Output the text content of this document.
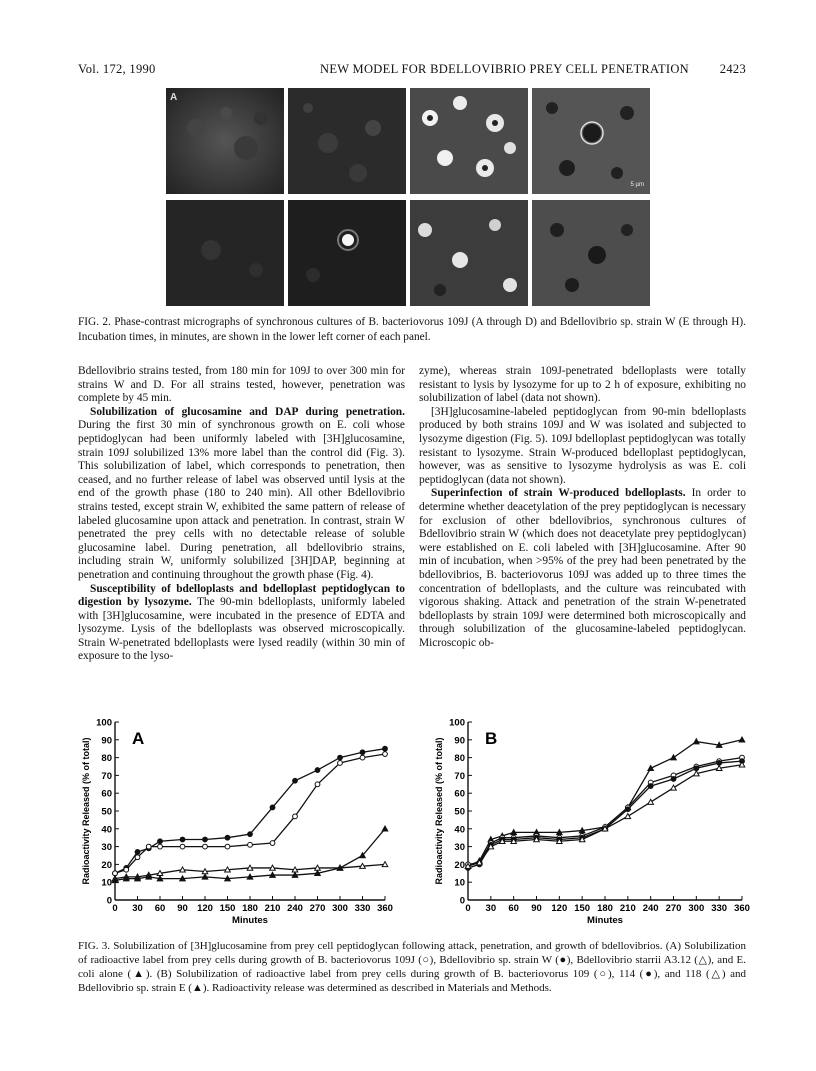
Vol. 172, 1990	NEW MODEL FOR BDELLOVIBRIO PREY CELL PENETRATION 2423
A
5 µm
FIG. 2. Phase-contrast micrographs of synchronous cultures of B. bacteriovorus 109J (A through D) and Bdellovibrio sp. strain W (E through H). Incubation times, in minutes, are shown in the lower left corner of each panel.

Bdellovibrio strains tested, from 180 min for 109J to over 300 min for strains W and D. For all strains tested, however, penetration was complete by 45 min.

Solubilization of glucosamine and DAP during penetration. During the first 30 min of synchronous growth on E. coli whose peptidoglycan had been uniformly labeled with [3H]glucosamine, strain 109J solubilized 13% more label than the control did (Fig. 3). This solubilization of label, which corresponds to penetration, then ceased, and no further release of label was observed until lysis at the end of the growth phase (180 to 240 min). All other Bdellovibrio strains tested, except strain W, exhibited the same pattern of release of labeled glucosamine upon attack and penetration. In contrast, strain W penetrated the prey cells with no detectable release of soluble glucosamine label. During penetration, all bdellovibrio strains, including strain W, uniformly solubilized [3H]DAP, beginning at penetration and continuing throughout the growth phase (Fig. 4).

Susceptibility of bdelloplasts and bdelloplast peptidoglycan to digestion by lysozyme. The 90-min bdelloplasts, uniformly labeled with [3H]glucosamine, were incubated in the presence of EDTA and lysozyme. Lysis of the bdelloplasts was observed microscopically. Strain W-penetrated bdelloplasts were lysed readily (within 30 min of exposure to the lyso-

zyme), whereas strain 109J-penetrated bdelloplasts were totally resistant to lysis by lysozyme for up to 2 h of exposure, exhibiting no solubilization of label (data not shown).

[3H]glucosamine-labeled peptidoglycan from 90-min bdelloplasts produced by both strains 109J and W was isolated and subjected to lysozyme digestion (Fig. 5). 109J bdelloplast peptidoglycan was totally resistant to lysozyme. Strain W-produced bdelloplast peptidoglycan, however, was as sensitive to lysozyme hydrolysis as was E. coli peptidoglycan (data not shown).

Superinfection of strain W-produced bdelloplasts. In order to determine whether deacetylation of the prey peptidoglycan is necessary for exclusion of other bdellovibrios, synchronous cultures of Bdellovibrio strain W (which does not deacetylate prey peptidoglycan) were established on E. coli labeled with [3H]glucosamine. After 90 min of incubation, when >95% of the prey had been penetrated by the bdellovibrios, B. bacteriovorus 109J was added up to three times the concentration of bdelloplasts, and the culture was reincubated with vigorous shaking. Attack and penetration of the strain W-penetrated bdelloplasts by strain 109J were determined both microscopically and through solubilization of the glucosamine-labeled peptidoglycan. Microscopic ob-

0 30 60 90 120 150 180 210 240 270 300 330 360
0
10
20
30
40
50
60
70
80
90
100
Minutes
Radioactivity Released (% of total) A
0 30 60 90 120 150 180 210 240 270 300 330 360
0
10
20
30
40
50
60
70
80
90
100
Minutes
Radioactivity Released (% of total) B
FIG. 3. Solubilization of [3H]glucosamine from prey cell peptidoglycan following attack, penetration, and growth of bdellovibrios. (A) Solubilization of radioactive label from prey cells during growth of B. bacteriovorus 109J (○), Bdellovibrio sp. strain W (●), Bdellovibrio starrii A3.12 (△), and E. coli alone (▲). (B) Solubilization of radioactive label from prey cells during growth of B. bacteriovorus 109 (○), 114 (●), and 118 (△) and Bdellovibrio sp. strain E (▲). Radioactivity release was determined as described in Materials and Methods.
